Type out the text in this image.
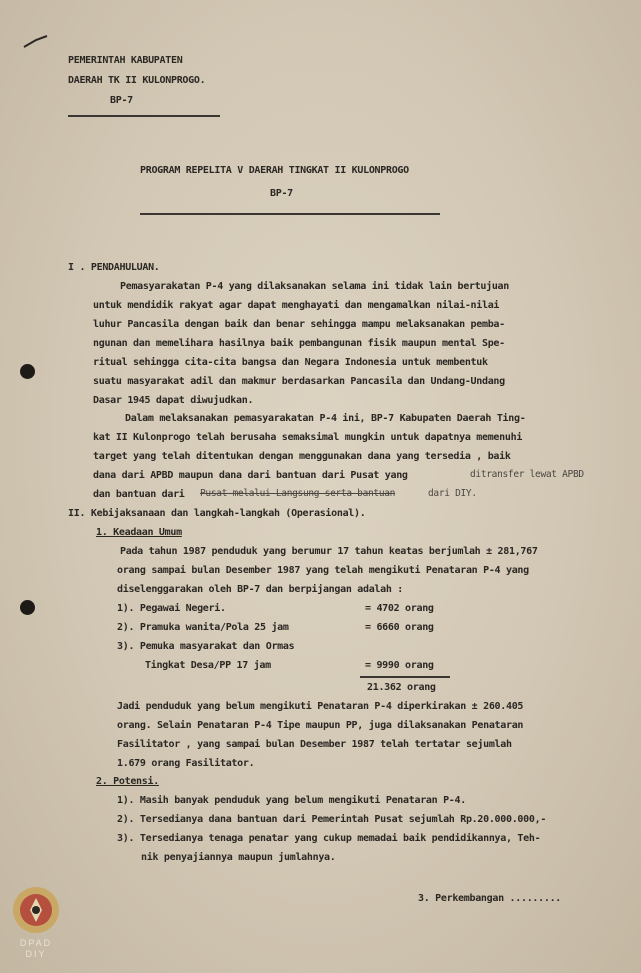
PEMERINTAH KABUPATEN
DAERAH TK II KULONPROGO.
BP-7
PROGRAM REPELITA V DAERAH TINGKAT II KULONPROGO
BP-7
I . PENDAHULUAN.
Pemasyarakatan P-4 yang dilaksanakan selama ini tidak lain bertujuan
untuk mendidik rakyat agar dapat menghayati dan mengamalkan nilai-nilai
luhur Pancasila dengan baik dan benar sehingga mampu melaksanakan pemba-
ngunan dan memelihara hasilnya baik pembangunan fisik maupun mental Spe-
ritual sehingga cita-cita bangsa dan Negara Indonesia untuk membentuk
suatu masyarakat adil dan makmur berdasarkan Pancasila dan Undang-Undang
Dasar 1945 dapat diwujudkan.
Dalam melaksanakan pemasyarakatan P-4 ini, BP-7 Kabupaten Daerah Ting-
kat II Kulonprogo telah berusaha semaksimal mungkin untuk dapatnya memenuhi
target yang telah ditentukan dengan menggunakan dana yang tersedia , baik
dana dari APBD maupun dana dari bantuan dari Pusat yang	ditransfer lewat APBD
dan bantuan dari Pusat melalui Langsung serta bantuan	dari DIY.
II. Kebijaksanaan dan langkah-langkah (Operasional).
1. Keadaan Umum
Pada tahun 1987 penduduk yang berumur 17 tahun keatas berjumlah ± 281,767
orang sampai bulan Desember 1987 yang telah mengikuti Penataran P-4 yang
diselenggarakan oleh BP-7 dan berpijangan adalah :
1). Pegawai Negeri.	= 4702 orang
2). Pramuka wanita/Pola 25 jam	= 6660 orang
3). Pemuka masyarakat dan Ormas
Tingkat Desa/PP 17 jam	= 9990 orang
21.362 orang
Jadi penduduk yang belum mengikuti Penataran P-4 diperkirakan ± 260.405
orang. Selain Penataran P-4 Tipe maupun PP, juga dilaksanakan Penataran
Fasilitator , yang sampai bulan Desember 1987 telah tertatar sejumlah
1.679 orang Fasilitator.
2. Potensi.
1). Masih banyak penduduk yang belum mengikuti Penataran P-4.
2). Tersedianya dana bantuan dari Pemerintah Pusat sejumlah Rp.20.000.000,-
3). Tersedianya tenaga penatar yang cukup memadai baik pendidikannya, Teh-
nik penyajiannya maupun jumlahnya.
3. Perkembangan .........
DPAD
DIY
